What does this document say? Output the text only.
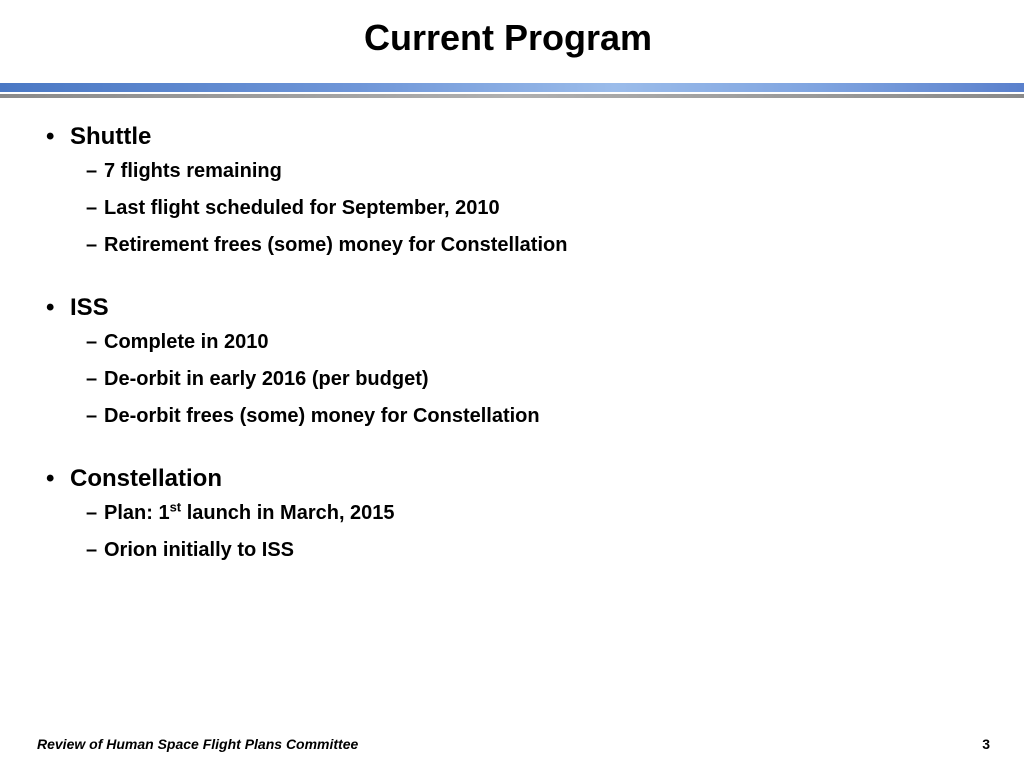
Current Program
• Shuttle
– 7 flights remaining
– Last flight scheduled for September, 2010
– Retirement frees (some) money for Constellation
• ISS
– Complete in 2010
– De-orbit in early 2016 (per budget)
– De-orbit frees (some) money for Constellation
• Constellation
– Plan: 1st launch in March, 2015
– Orion initially to ISS
Review of Human Space Flight Plans Committee	3
